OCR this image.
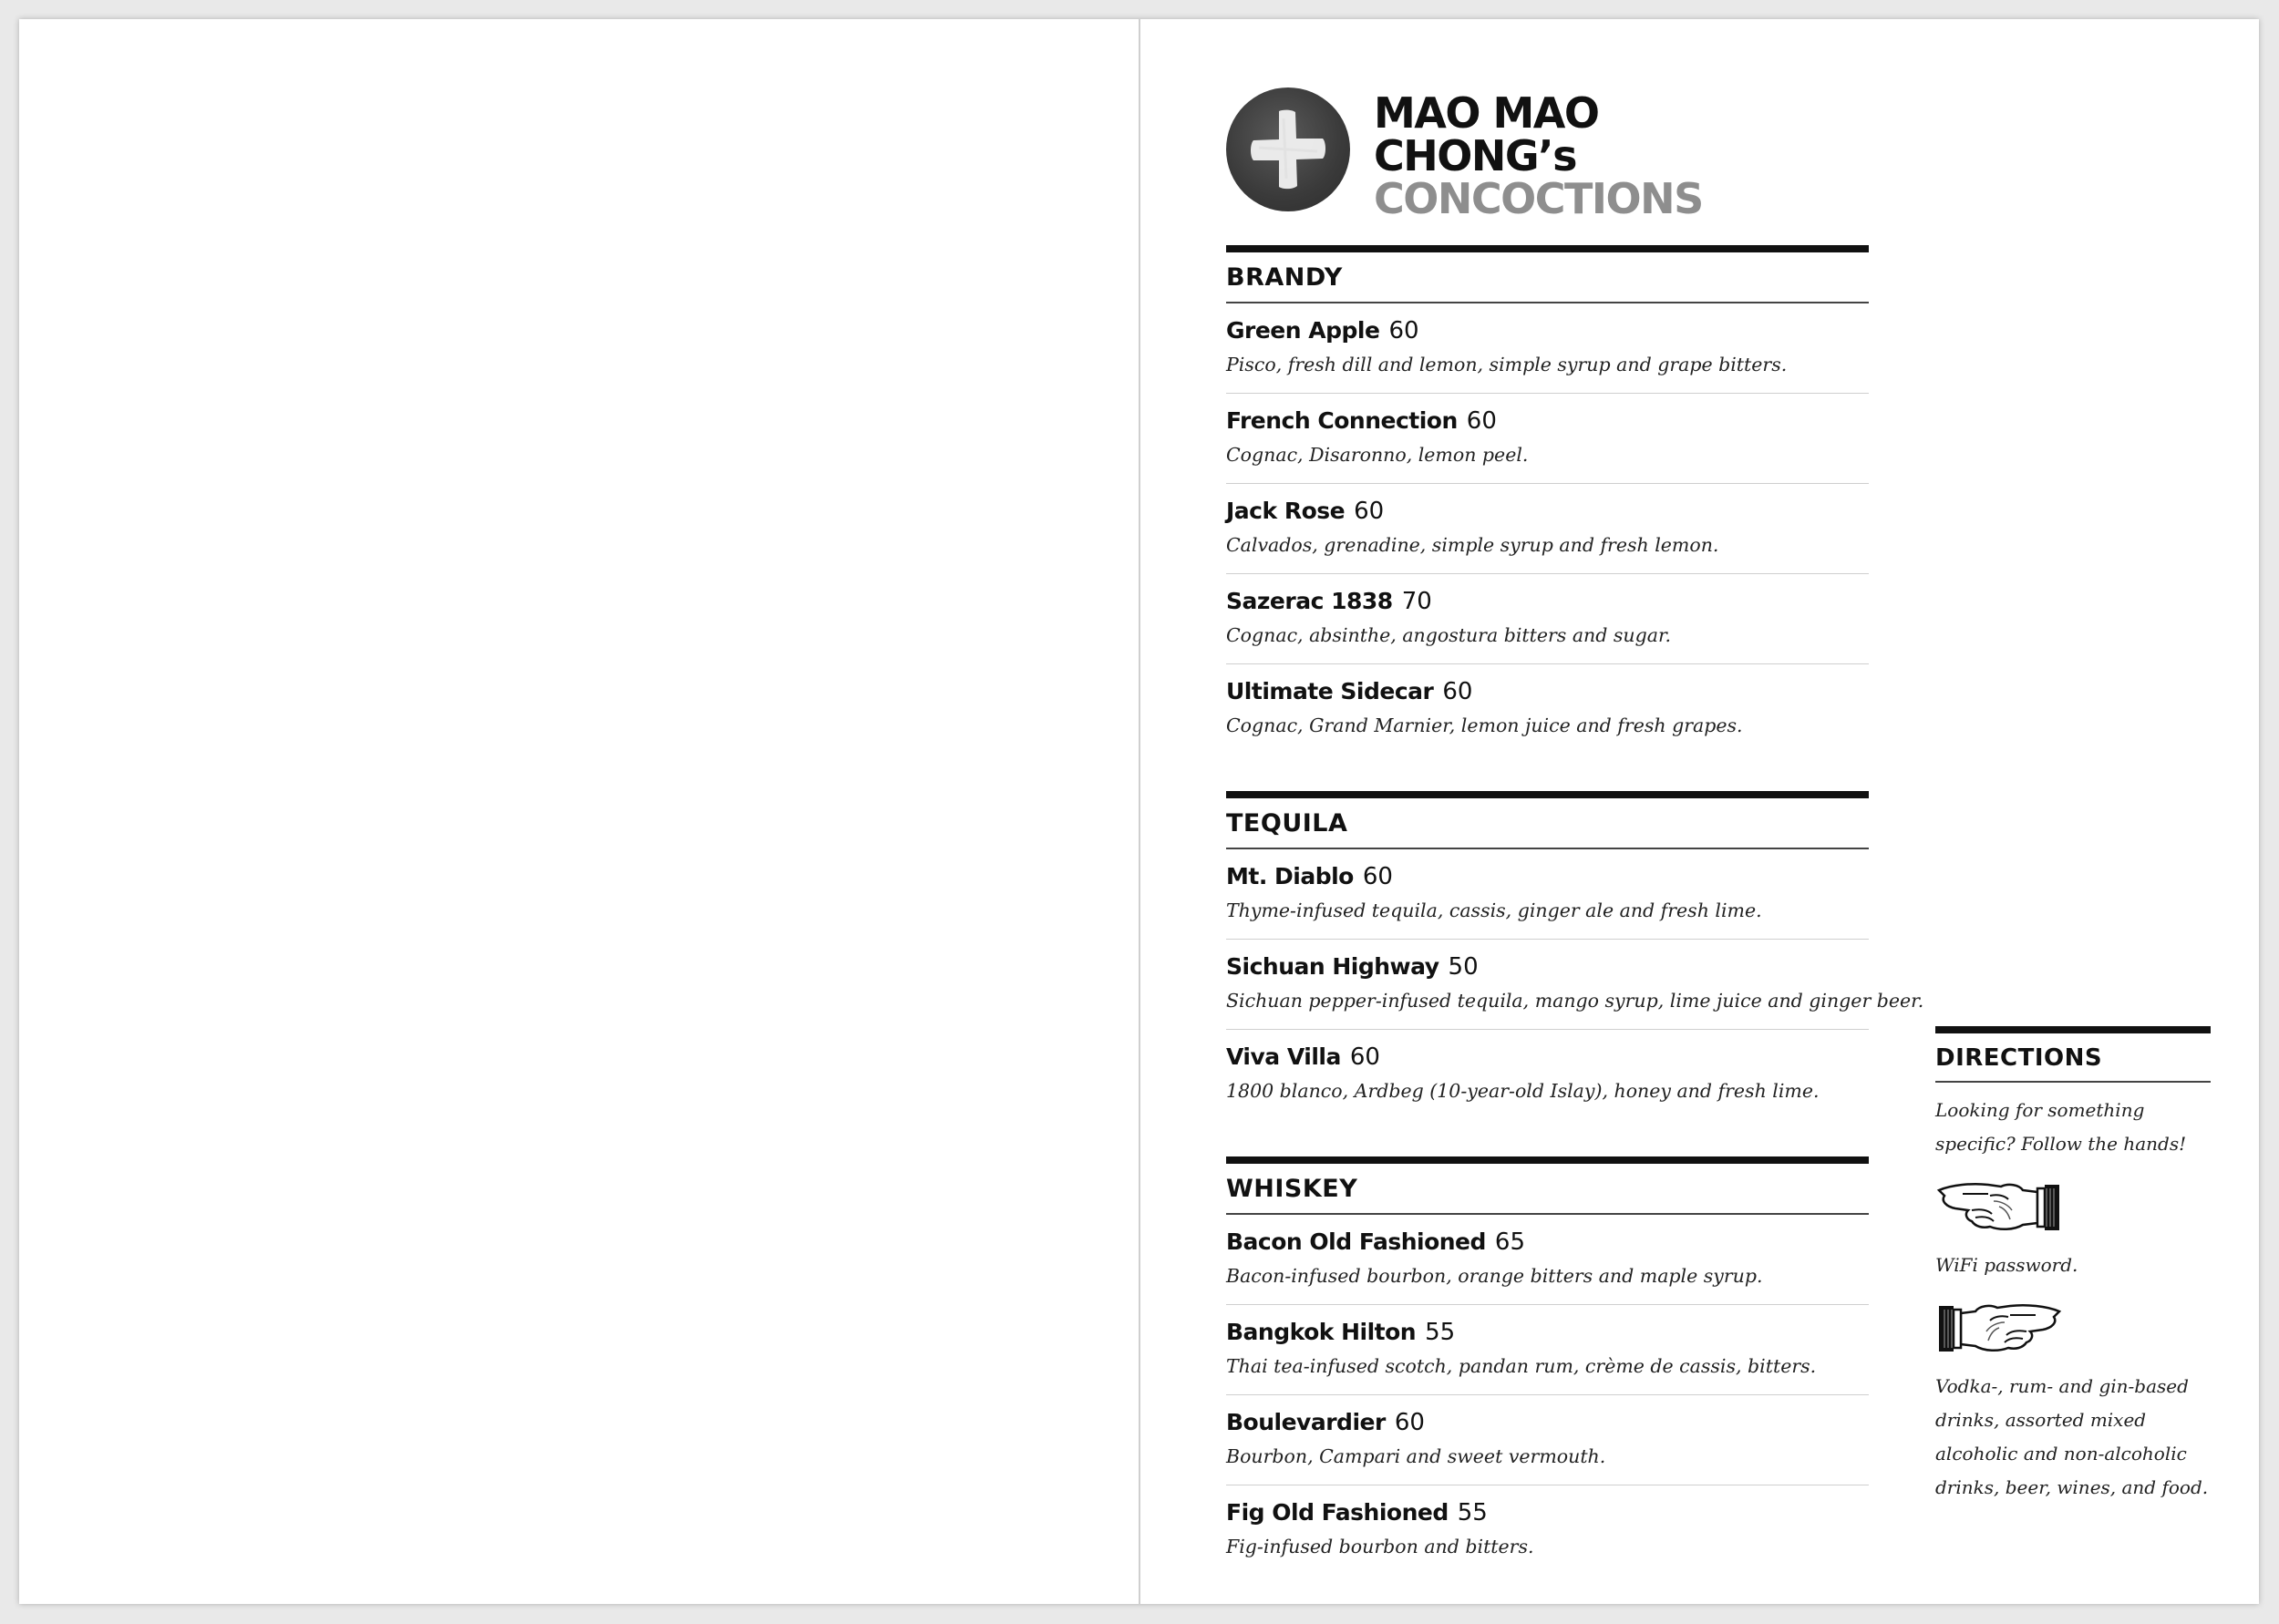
MAO MAO
CHONG’s
CONCOCTIONS
BRANDY
Green Apple 60
Pisco, fresh dill and lemon, simple syrup and grape bitters.
French Connection 60
Cognac, Disaronno, lemon peel.
Jack Rose 60
Calvados, grenadine, simple syrup and fresh lemon.
Sazerac 1838 70
Cognac, absinthe, angostura bitters and sugar.
Ultimate Sidecar 60
Cognac, Grand Marnier, lemon juice and fresh grapes.
TEQUILA
Mt. Diablo 60
Thyme-infused tequila, cassis, ginger ale and fresh lime.
Sichuan Highway 50
Sichuan pepper-infused tequila, mango syrup, lime juice and ginger beer.
Viva Villa 60
1800 blanco, Ardbeg (10-year-old Islay), honey and fresh lime.
WHISKEY
Bacon Old Fashioned 65
Bacon-infused bourbon, orange bitters and maple syrup.
Bangkok Hilton 55
Thai tea-infused scotch, pandan rum, crème de cassis, bitters.
Boulevardier 60
Bourbon, Campari and sweet vermouth.
Fig Old Fashioned 55
Fig-infused bourbon and bitters.
DIRECTIONS
Looking for something specific? Follow the hands!
WiFi password.
Vodka-, rum- and gin-based drinks, assorted mixed alcoholic and non-alcoholic drinks, beer, wines, and food.
